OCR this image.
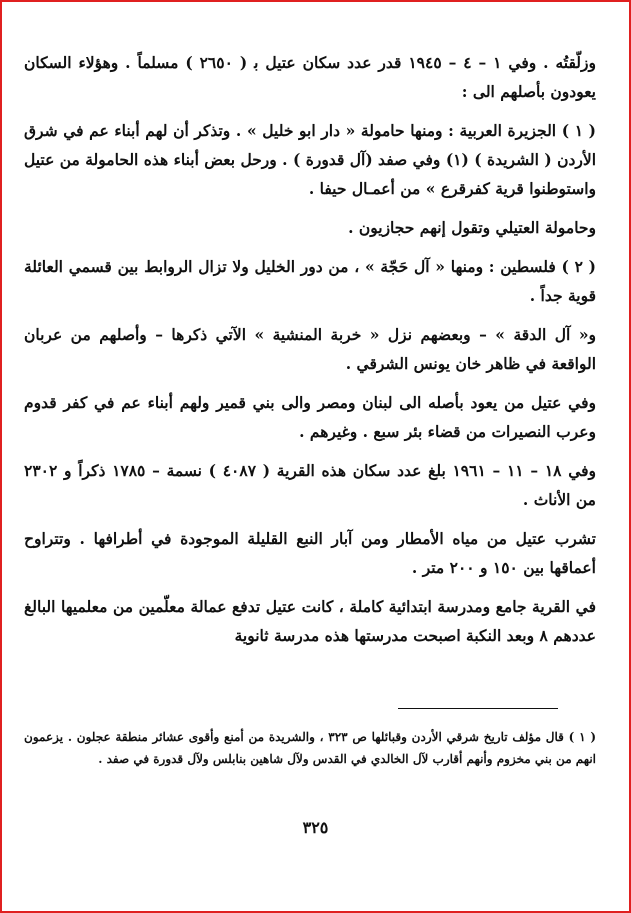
وزلّقتُه . وفي ١ – ٤ – ١٩٤٥ قدر عدد سكان عتيل ﺑ ( ٢٦٥٠ ) مسلماً . وهؤلاء السكان يعودون بأصلهم الى :

( ١ ) الجزيرة العربية : ومنها حامولة « دار ابو خليل » . وتذكر أن لهم أبناء عم في شرق الأردن ( الشريدة ) (١) وفي صفد (آل قدورة ) . ورحل بعض أبناء هذه الحامولة من عتيل واستوطنوا قرية كفرقرع » من أعمـال حيفا .

وحامولة العتيلي وتقول إنهم حجازيون .

( ٢ ) فلسطين : ومنها « آل حَجّة » ، من دور الخليل ولا تزال الروابط بين قسمي العائلة قوية جداً .

و« آل الدقة » – وبعضهم نزل « خربة المنشية » الآتي ذكرها – وأصلهم من عربان الواقعة في ظاهر خان يونس الشرقي .

وفي عتيل من يعود بأصله الى لبنان ومصر والى بني قمير ولهم أبناء عم في كفر قدوم وعرب النصيرات من قضاء بئر سبع . وغيرهم .

وفي ١٨ – ١١ – ١٩٦١ بلغ عدد سكان هذه القرية ( ٤٠٨٧ ) نسمة – ١٧٨٥ ذكراً و ٢٣٠٢ من الأناث .

تشرب عتيل من مياه الأمطار ومن آبار النبع القليلة الموجودة في أطرافها . وتتراوح أعماقها بين ١٥٠ و ٢٠٠ متر .

في القرية جامع ومدرسة ابتدائية كاملة ، كانت عتيل تدفع عمالة معلّمين من معلميها البالغ عددهم ٨ وبعد النكبة اصبحت مدرستها هذه مدرسة ثانوية

( ١ ) قال مؤلف تاريخ شرقي الأردن وقبائلها ص ٣٢٣ ، والشريدة من أمنع وأقوى عشائر منطقة عجلون . يزعمون انهم من بني مخزوم وأنهم أقارب لآل الخالدي في القدس ولآل شاهين بنابلس ولآل قدورة في صفد .
٣٢٥
